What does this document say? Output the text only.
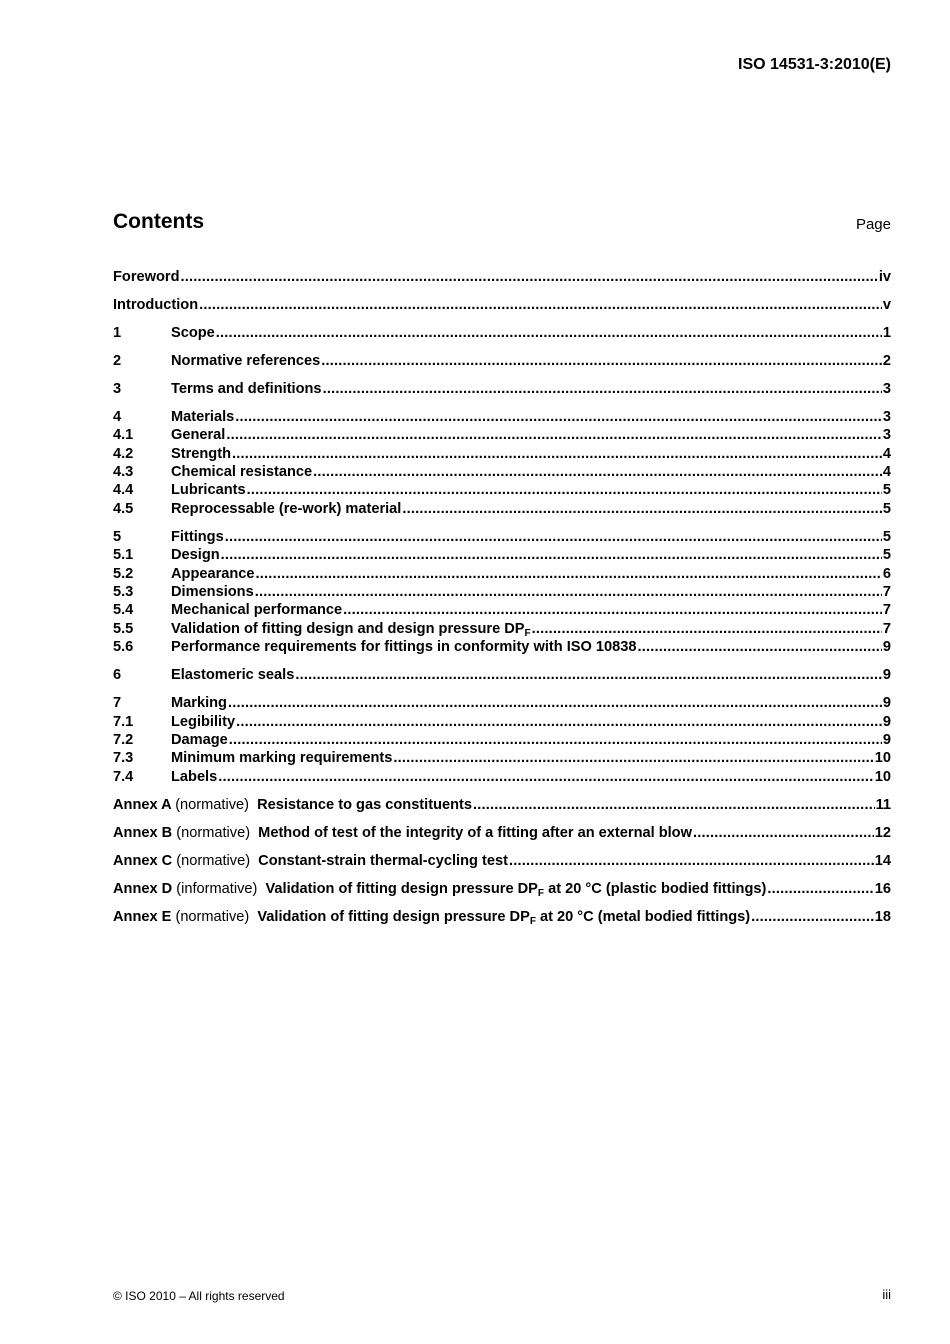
ISO 14531-3:2010(E)
Contents	Page
Foreword .....	iv
Introduction .....	v
1	Scope .....	1
2	Normative references .....	2
3	Terms and definitions .....	3
4	Materials .....	3
4.1	General .....	3
4.2	Strength .....	4
4.3	Chemical resistance .....	4
4.4	Lubricants .....	5
4.5	Reprocessable (re-work) material .....	5
5	Fittings .....	5
5.1	Design .....	5
5.2	Appearance .....	6
5.3	Dimensions .....	7
5.4	Mechanical performance .....	7
5.5	Validation of fitting design and design pressure $DP_F$ .....	7
5.6	Performance requirements for fittings in conformity with ISO 10838 .....	9
6	Elastomeric seals .....	9
7	Marking .....	9
7.1	Legibility .....	9
7.2	Damage .....	9
7.3	Minimum marking requirements .....	10
7.4	Labels .....	10
Annex A (normative) Resistance to gas constituents .....	11
Annex B (normative) Method of test of the integrity of a fitting after an external blow .....	12
Annex C (normative) Constant-strain thermal-cycling test .....	14
Annex D (informative) Validation of fitting design pressure $DP_F$ at 20 °C (plastic bodied fittings) .....	16
Annex E (normative) Validation of fitting design pressure $DP_F$ at 20 °C (metal bodied fittings) .....	18
© ISO 2010 – All rights reserved	iii
